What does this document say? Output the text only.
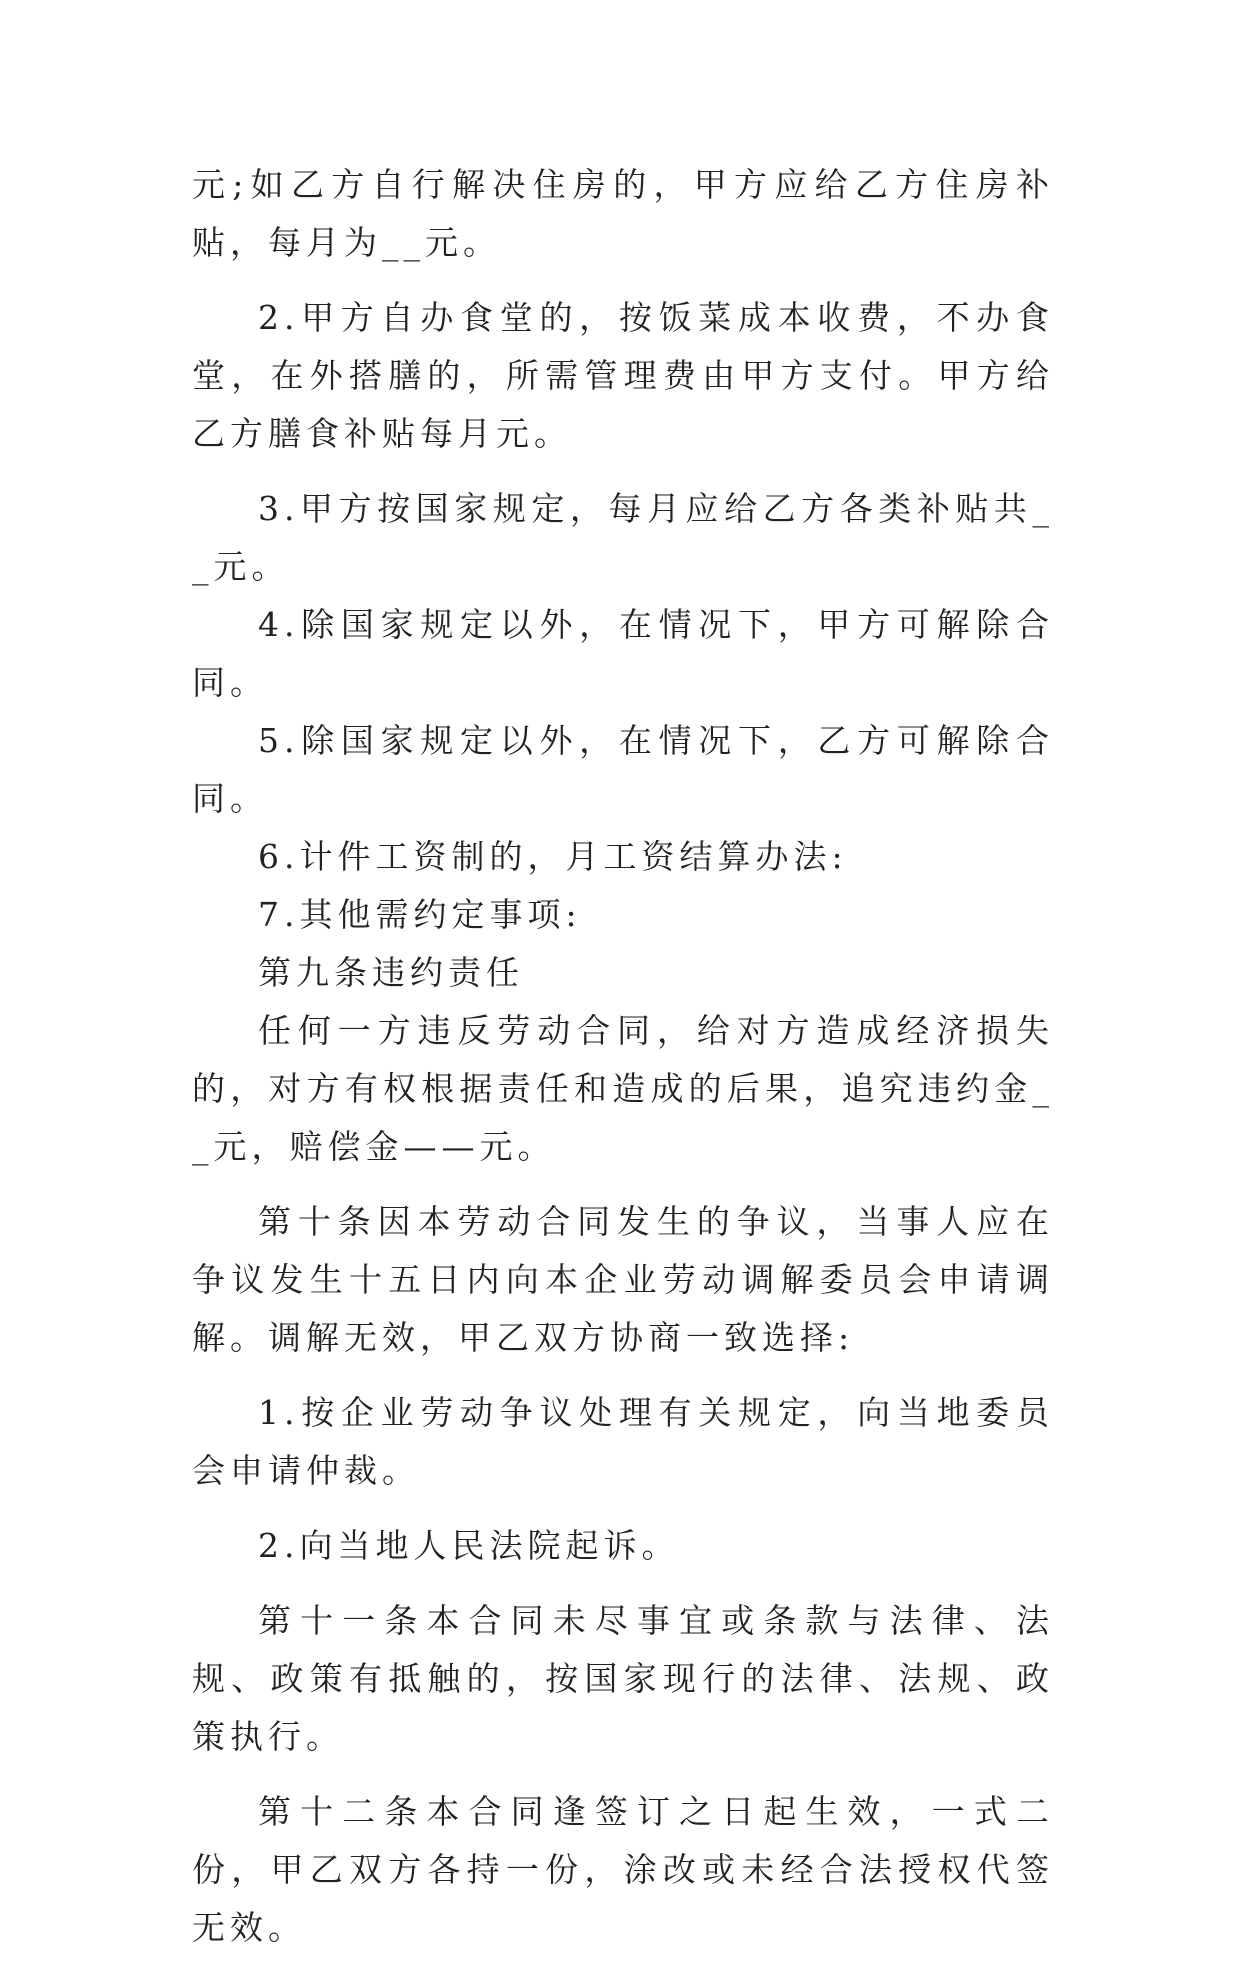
元;如乙方自行解决住房的，甲方应给乙方住房补贴，每月为__元。

2.甲方自办食堂的，按饭菜成本收费，不办食堂，在外搭膳的，所需管理费由甲方支付。甲方给乙方膳食补贴每月元。

3.甲方按国家规定，每月应给乙方各类补贴共__元。

4.除国家规定以外，在情况下，甲方可解除合同。

5.除国家规定以外，在情况下，乙方可解除合同。

6.计件工资制的，月工资结算办法:

7.其他需约定事项:

第九条违约责任

任何一方违反劳动合同，给对方造成经济损失的，对方有权根据责任和造成的后果，追究违约金__元，赔偿金——元。

第十条因本劳动合同发生的争议，当事人应在争议发生十五日内向本企业劳动调解委员会申请调解。调解无效，甲乙双方协商一致选择:

1.按企业劳动争议处理有关规定，向当地委员会申请仲裁。

2.向当地人民法院起诉。

第十一条本合同未尽事宜或条款与法律、法规、政策有抵触的，按国家现行的法律、法规、政策执行。

第十二条本合同逢签订之日起生效，一式二份，甲乙双方各持一份，涂改或未经合法授权代签无效。
